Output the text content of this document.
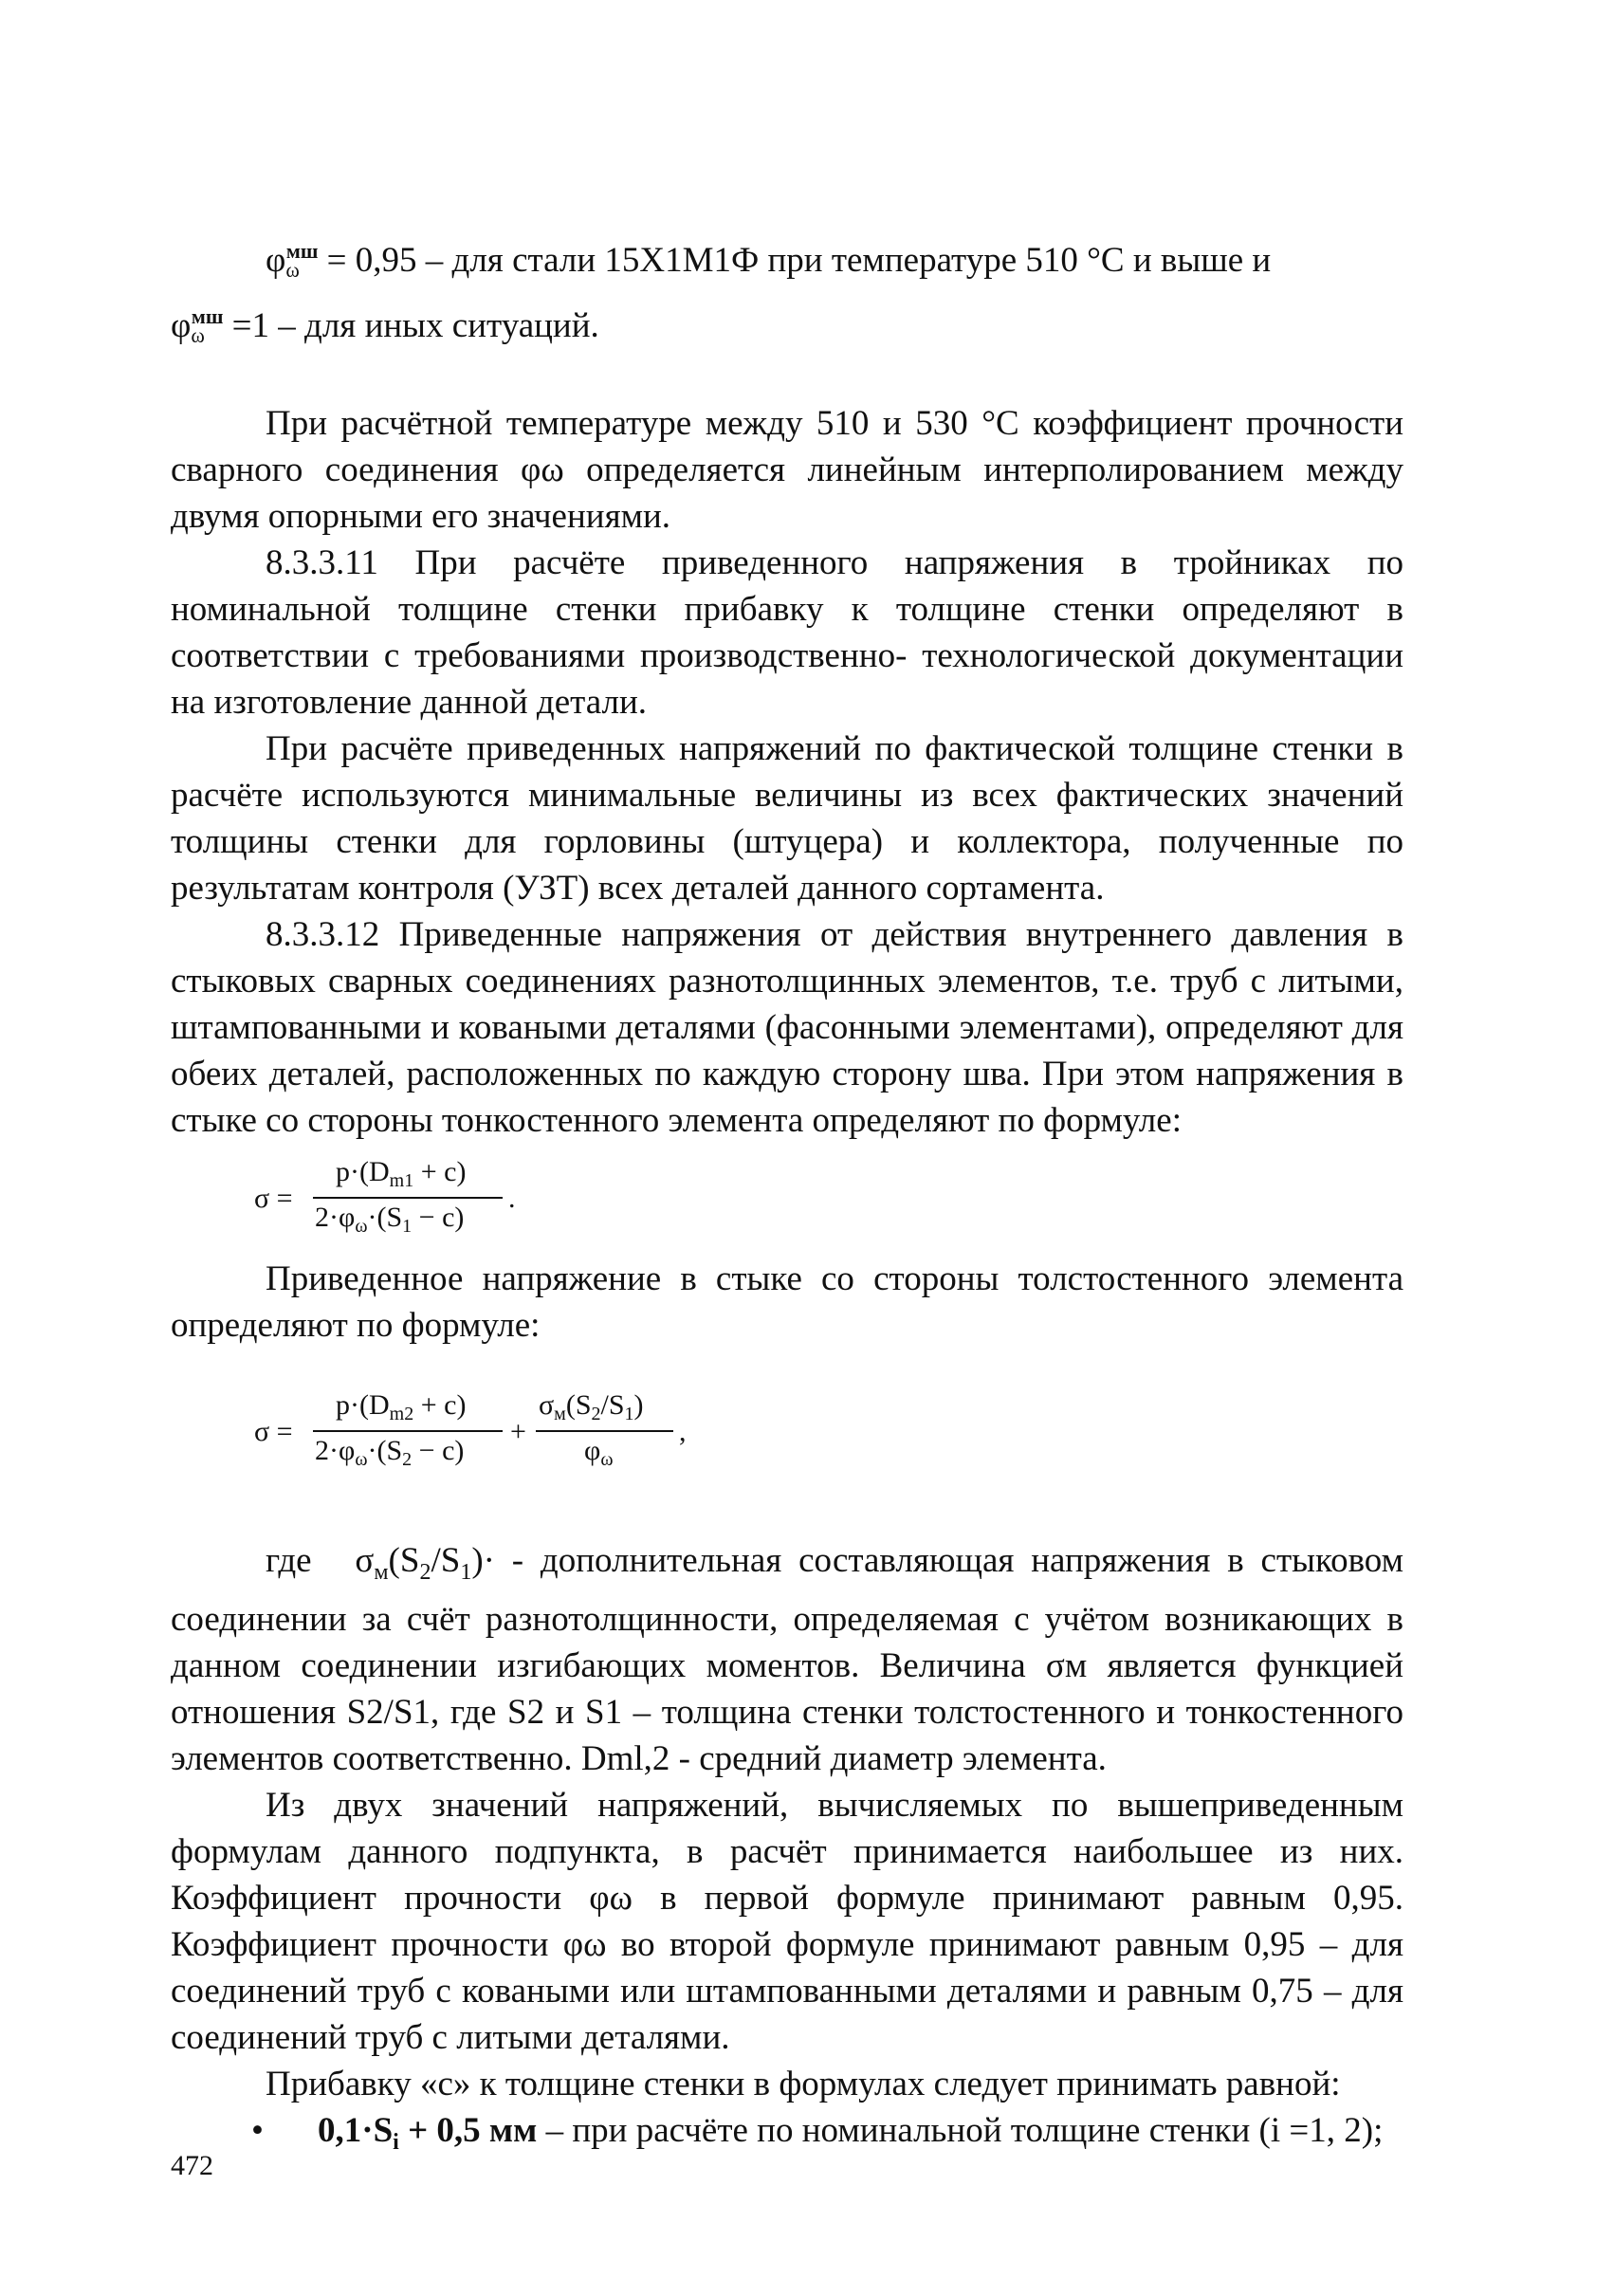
$\varphi_\omega^{мш} = 0,95$ – для стали 15Х1М1Ф при температуре 510 °С и выше и

$\varphi_\omega^{мш} =1$ – для иных ситуаций.

При расчётной температуре между 510 и 530 °С коэффициент прочности сварного соединения φω определяется линейным интерполированием между двумя опорными его значениями.

8.3.3.11 При расчёте приведенного напряжения в тройниках по номинальной толщине стенки прибавку к толщине стенки определяют в соответствии с требованиями производственно- технологической документации на изготовление данной детали.

При расчёте приведенных напряжений по фактической толщине стенки в расчёте используются минимальные величины из всех фактических значений толщины стенки для горловины (штуцера) и коллектора, полученные по результатам контроля (УЗТ) всех деталей данного сортамента.

8.3.3.12 Приведенные напряжения от действия внутреннего давления в стыковых сварных соединениях разнотолщинных элементов, т.е. труб с литыми, штампованными и коваными деталями (фасонными элементами), определяют для обеих деталей, расположенных по каждую сторону шва. При этом напряжения в стыке со стороны тонкостенного элемента определяют по формуле:

σ =
$p\cdot(D_{m1} + c)$
$2\cdot\varphi_\omega\cdot(S_1 - c)$
.

Приведенное напряжение в стыке со стороны толстостенного элемента определяют по формуле:

σ =
$p\cdot(D_{m2} + c)$
$2\cdot\varphi_\omega\cdot(S_2 - c)$
+
$\sigma_м(S_2/S_1)$
$\varphi_\omega$
,

где $\sigma_м(S_2/S_1)\cdot$ - дополнительная составляющая напряжения в стыковом соединении за счёт разнотолщинности, определяемая с учётом возникающих в данном соединении изгибающих моментов. Величина σм является функцией отношения S2/S1, где S2 и S1 – толщина стенки толстостенного и тонкостенного элементов соответственно. Dml,2 - средний диаметр элемента.

Из двух значений напряжений, вычисляемых по вышеприведенным формулам данного подпункта, в расчёт принимается наибольшее из них. Коэффициент прочности φω в первой формуле принимают равным 0,95. Коэффициент прочности φω во второй формуле принимают равным 0,95 – для соединений труб с коваными или штампованными деталями и равным 0,75 – для соединений труб с литыми деталями.

Прибавку «с» к толщине стенки в формулах следует принимать равной:

•	$0,1\cdot S_i + 0,5$ мм – при расчёте по номинальной толщине стенки (i =1, 2);
472
